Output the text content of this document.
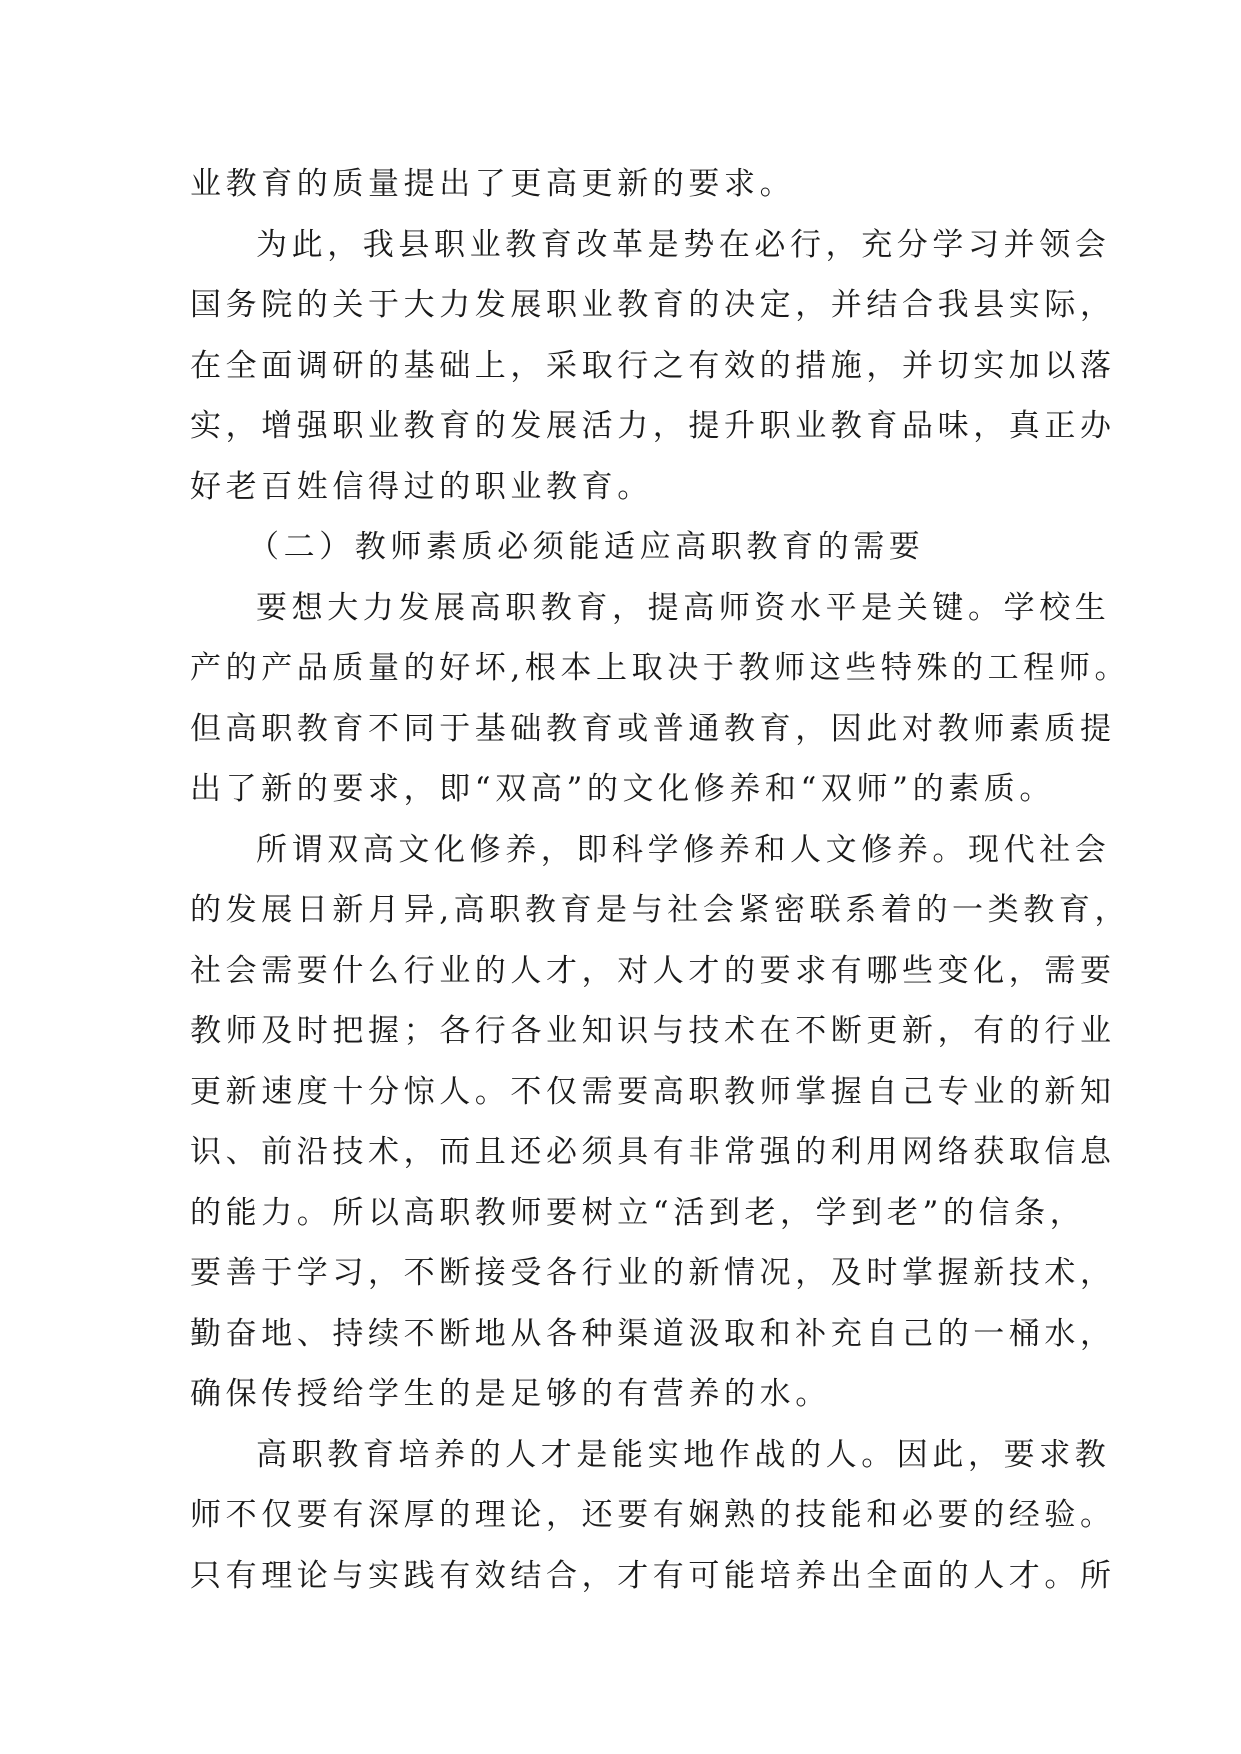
业教育的质量提出了更高更新的要求。
为此，我县职业教育改革是势在必行，充分学习并领会
国务院的关于大力发展职业教育的决定，并结合我县实际，
在全面调研的基础上，采取行之有效的措施，并切实加以落
实，增强职业教育的发展活力，提升职业教育品味，真正办
好老百姓信得过的职业教育。
（二）教师素质必须能适应高职教育的需要
要想大力发展高职教育，提高师资水平是关键。学校生
产的产品质量的好坏,根本上取决于教师这些特殊的工程师。
但高职教育不同于基础教育或普通教育，因此对教师素质提
出了新的要求，即“双高”的文化修养和“双师”的素质。
所谓双高文化修养，即科学修养和人文修养。现代社会
的发展日新月异,高职教育是与社会紧密联系着的一类教育，
社会需要什么行业的人才，对人才的要求有哪些变化，需要
教师及时把握；各行各业知识与技术在不断更新，有的行业
更新速度十分惊人。不仅需要高职教师掌握自己专业的新知
识、前沿技术，而且还必须具有非常强的利用网络获取信息
的能力。所以高职教师要树立“活到老，学到老”的信条，
要善于学习，不断接受各行业的新情况，及时掌握新技术，
勤奋地、持续不断地从各种渠道汲取和补充自己的一桶水，
确保传授给学生的是足够的有营养的水。
高职教育培养的人才是能实地作战的人。因此，要求教
师不仅要有深厚的理论，还要有娴熟的技能和必要的经验。
只有理论与实践有效结合，才有可能培养出全面的人才。所
